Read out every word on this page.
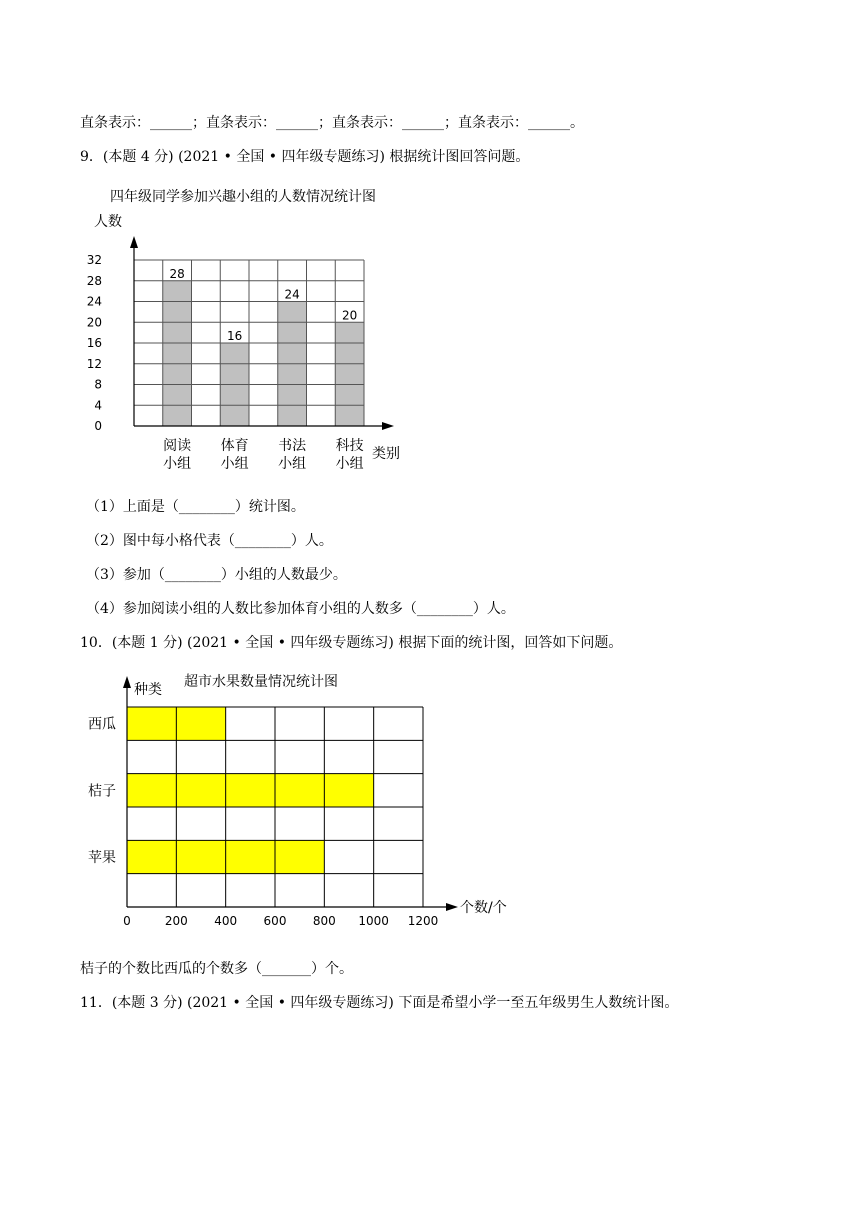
直条表示：______；直条表示：______；直条表示：______；直条表示：______。
9．(本题 4 分) (2021 • 全国 • 四年级专题练习) 根据统计图回答问题。
四年级同学参加兴趣小组的人数情况统计图
人数
28
16
24
20
0
4
8
12
16
20
24
28
32
阅读
小组
体育
小组
书法
小组
科技
小组
类别
（1）上面是（________）统计图。
（2）图中每小格代表（________）人。
（3）参加（________）小组的人数最少。
（4）参加阅读小组的人数比参加体育小组的人数多（________）人。
10．(本题 1 分) (2021 • 全国 • 四年级专题练习) 根据下面的统计图，回答如下问题。
超市水果数量情况统计图
种类
西瓜
桔子
苹果
0	200 400 600 800 1000 1200
个数/个
桔子的个数比西瓜的个数多（_______）个。
11．(本题 3 分) (2021 • 全国 • 四年级专题练习) 下面是希望小学一至五年级男生人数统计图。
